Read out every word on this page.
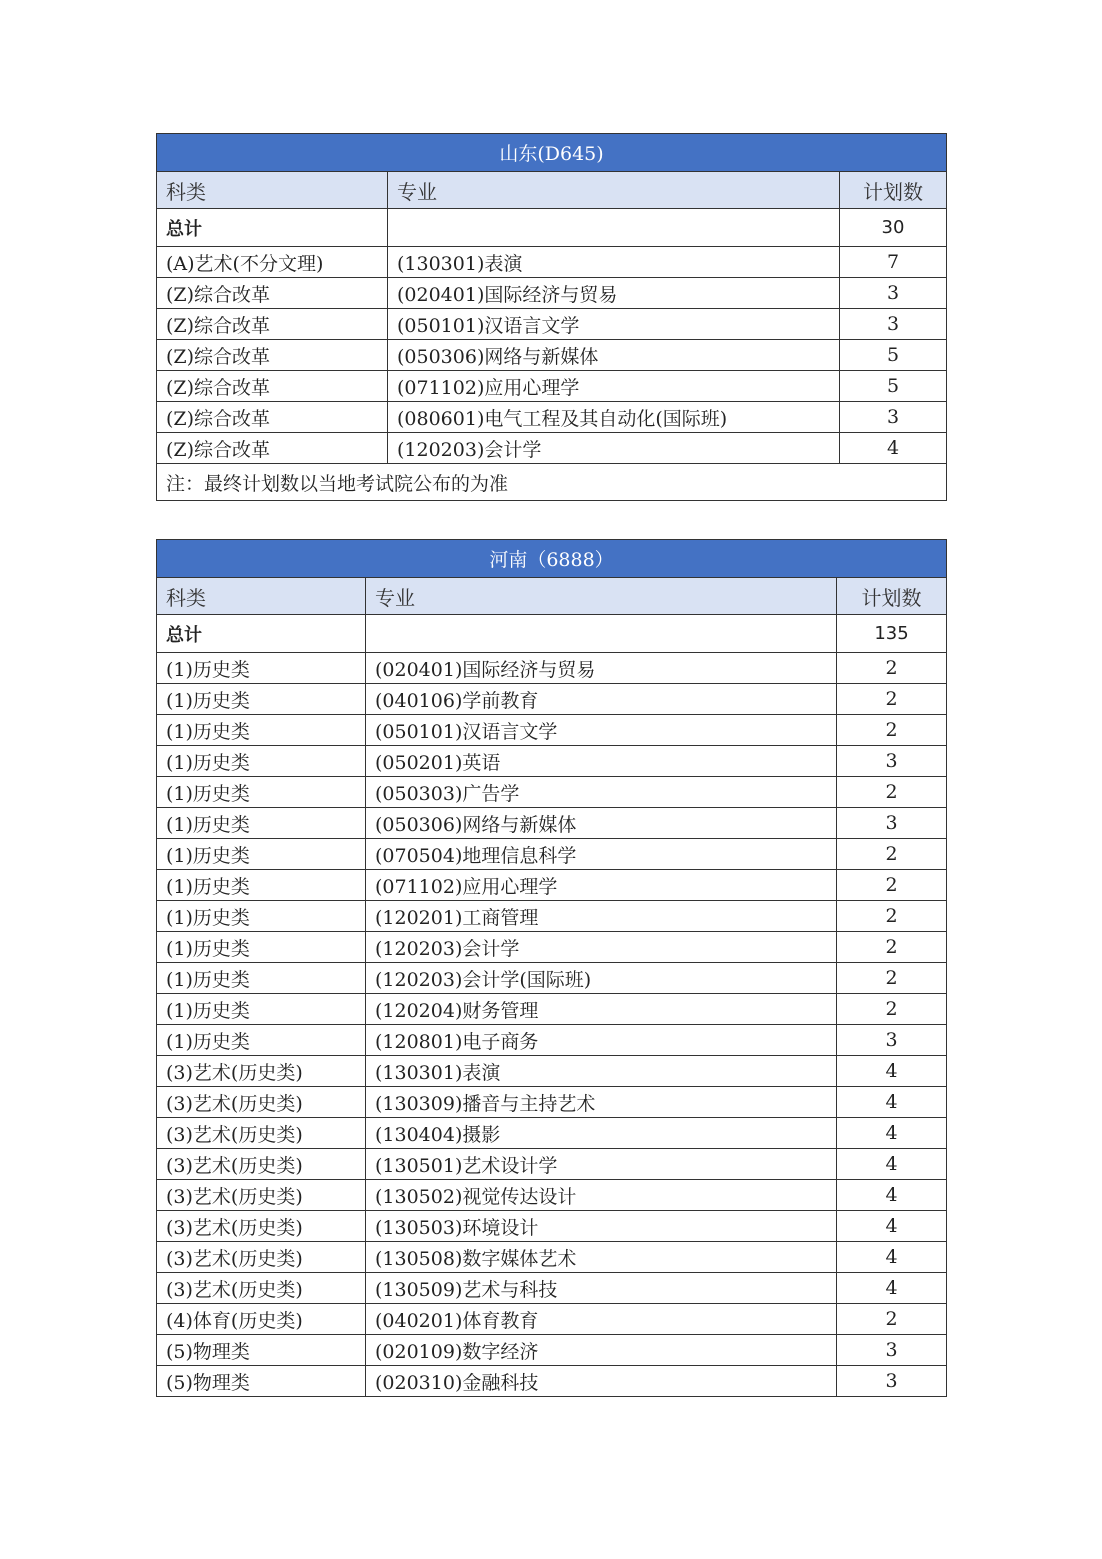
山东(D645)		
科类	专业	计划数
总计		30
(A)艺术(不分文理)	(130301)表演	7
(Z)综合改革	(020401)国际经济与贸易	3
(Z)综合改革	(050101)汉语言文学	3
(Z)综合改革	(050306)网络与新媒体	5
(Z)综合改革	(071102)应用心理学	5
(Z)综合改革	(080601)电气工程及其自动化(国际班)	3
(Z)综合改革	(120203)会计学	4
注：最终计划数以当地考试院公布的为准		
河南（6888）		
科类	专业	计划数
总计		135
(1)历史类	(020401)国际经济与贸易	2
(1)历史类	(040106)学前教育	2
(1)历史类	(050101)汉语言文学	2
(1)历史类	(050201)英语	3
(1)历史类	(050303)广告学	2
(1)历史类	(050306)网络与新媒体	3
(1)历史类	(070504)地理信息科学	2
(1)历史类	(071102)应用心理学	2
(1)历史类	(120201)工商管理	2
(1)历史类	(120203)会计学	2
(1)历史类	(120203)会计学(国际班)	2
(1)历史类	(120204)财务管理	2
(1)历史类	(120801)电子商务	3
(3)艺术(历史类)	(130301)表演	4
(3)艺术(历史类)	(130309)播音与主持艺术	4
(3)艺术(历史类)	(130404)摄影	4
(3)艺术(历史类)	(130501)艺术设计学	4
(3)艺术(历史类)	(130502)视觉传达设计	4
(3)艺术(历史类)	(130503)环境设计	4
(3)艺术(历史类)	(130508)数字媒体艺术	4
(3)艺术(历史类)	(130509)艺术与科技	4
(4)体育(历史类)	(040201)体育教育	2
(5)物理类	(020109)数字经济	3
(5)物理类	(020310)金融科技	3
